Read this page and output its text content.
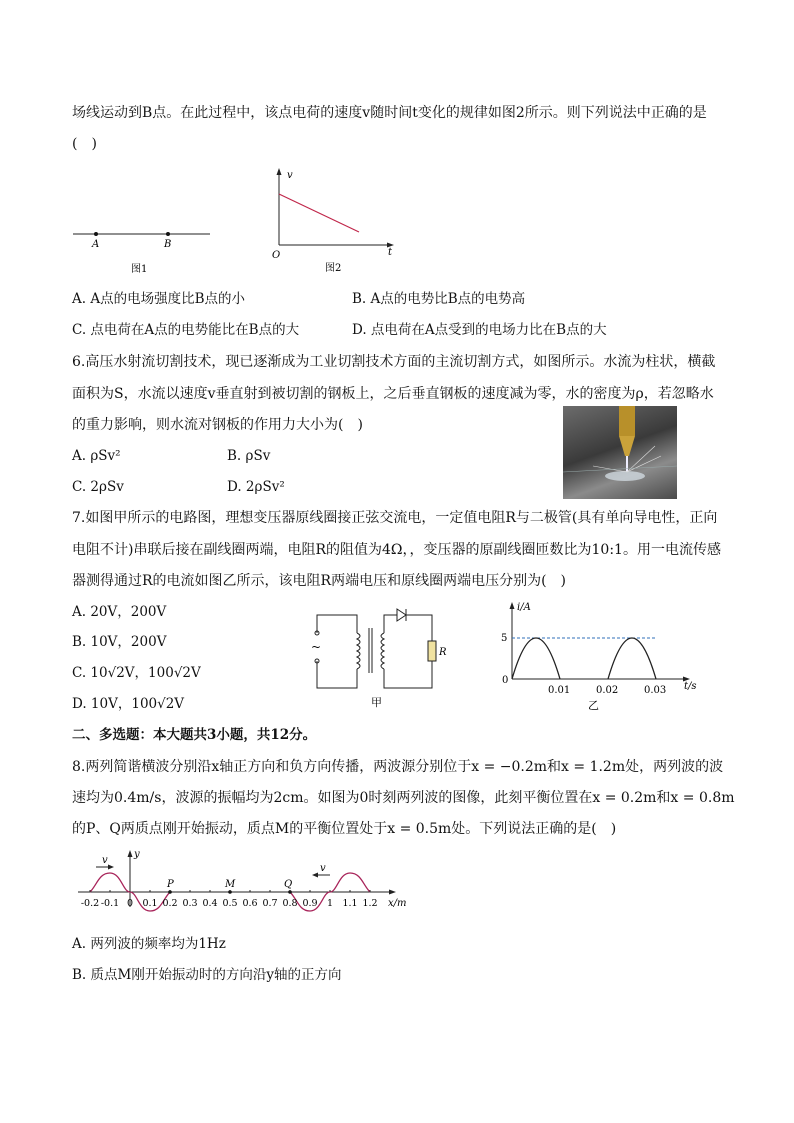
场线运动到B点。在此过程中，该点电荷的速度v随时间t变化的规律如图2所示。则下列说法中正确的是
(　)
A	B
图1
v
O	t
图2
A. A点的电场强度比B点的小	B. A点的电势比B点的电势高
C. 点电荷在A点的电势能比在B点的大	D. 点电荷在A点受到的电场力比在B点的大
6.高压水射流切割技术，现已逐渐成为工业切割技术方面的主流切割方式，如图所示。水流为柱状，横截
面积为S，水流以速度v垂直射到被切割的钢板上，之后垂直钢板的速度减为零，水的密度为ρ，若忽略水
的重力影响，则水流对钢板的作用力大小为(　)
A. ρSv²	B. ρSv
C. 2ρSv	D. 2ρSv²
7.如图甲所示的电路图，理想变压器原线圈接正弦交流电，一定值电阻R与二极管(具有单向导电性，正向
电阻不计)串联后接在副线圈两端，电阻R的阻值为4Ω，，变压器的原副线圈匝数比为10:1。用一电流传感
器测得通过R的电流如图乙所示，该电阻R两端电压和原线圈两端电压分别为(　)
A. 20V，200V
B. 10V，200V
C. 10√2V，100√2V
D. 10V，100√2V
~	R
甲
i/A
5
0
0.01	0.02	0.03 t/s
乙
二、多选题：本大题共3小题，共12分。
8.两列简谐横波分别沿x轴正方向和负方向传播，两波源分别位于x = −0.2m和x = 1.2m处，两列波的波
速均为0.4m/s，波源的振幅均为2cm。如图为0时刻两列波的图像，此刻平衡位置在x = 0.2m和x = 0.8m
的P、Q两质点刚开始振动，质点M的平衡位置处于x = 0.5m处。下列说法正确的是(　)
y
v
v
P	M	Q
x/m
-0.2 -0.1 0 0.1 0.2 0.3 0.4 0.5 0.6 0.7 0.8 0.9 1 1.1 1.2
A. 两列波的频率均为1Hz
B. 质点M刚开始振动时的方向沿y轴的正方向
